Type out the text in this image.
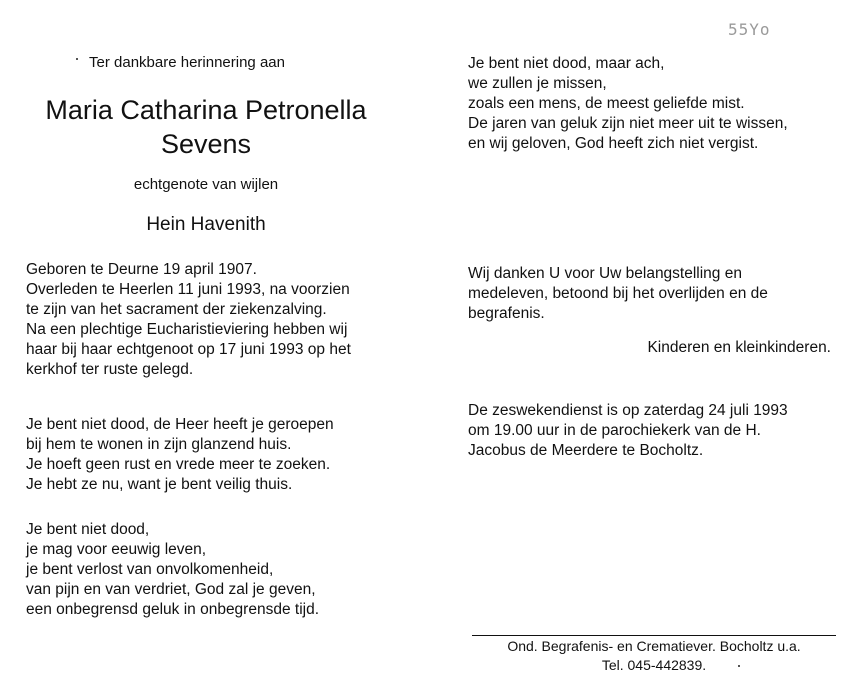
Ter dankbare herinnering aan
Maria Catharina Petronella
Sevens
echtgenote van wijlen
Hein Havenith
Geboren te Deurne 19 april 1907.
Overleden te Heerlen 11 juni 1993, na voorzien
te zijn van het sacrament der ziekenzalving.
Na een plechtige Eucharistieviering hebben wij
haar bij haar echtgenoot op 17 juni 1993 op het
kerkhof ter ruste gelegd.
Je bent niet dood, de Heer heeft je geroepen
bij hem te wonen in zijn glanzend huis.
Je hoeft geen rust en vrede meer te zoeken.
Je hebt ze nu, want je bent veilig thuis.
Je bent niet dood,
je mag voor eeuwig leven,
je bent verlost van onvolkomenheid,
van pijn en van verdriet, God zal je geven,
een onbegrensd geluk in onbegrensde tijd.
55Yo
Je bent niet dood, maar ach,
we zullen je missen,
zoals een mens, de meest geliefde mist.
De jaren van geluk zijn niet meer uit te wissen,
en wij geloven, God heeft zich niet vergist.
Wij danken U voor Uw belangstelling en
medeleven, betoond bij het overlijden en de
begrafenis.
Kinderen en kleinkinderen.
De zeswekendienst is op zaterdag 24 juli 1993
om 19.00 uur in de parochiekerk van de H.
Jacobus de Meerdere te Bocholtz.
Ond. Begrafenis- en Crematiever. Bocholtz u.a.
Tel. 045-442839.
